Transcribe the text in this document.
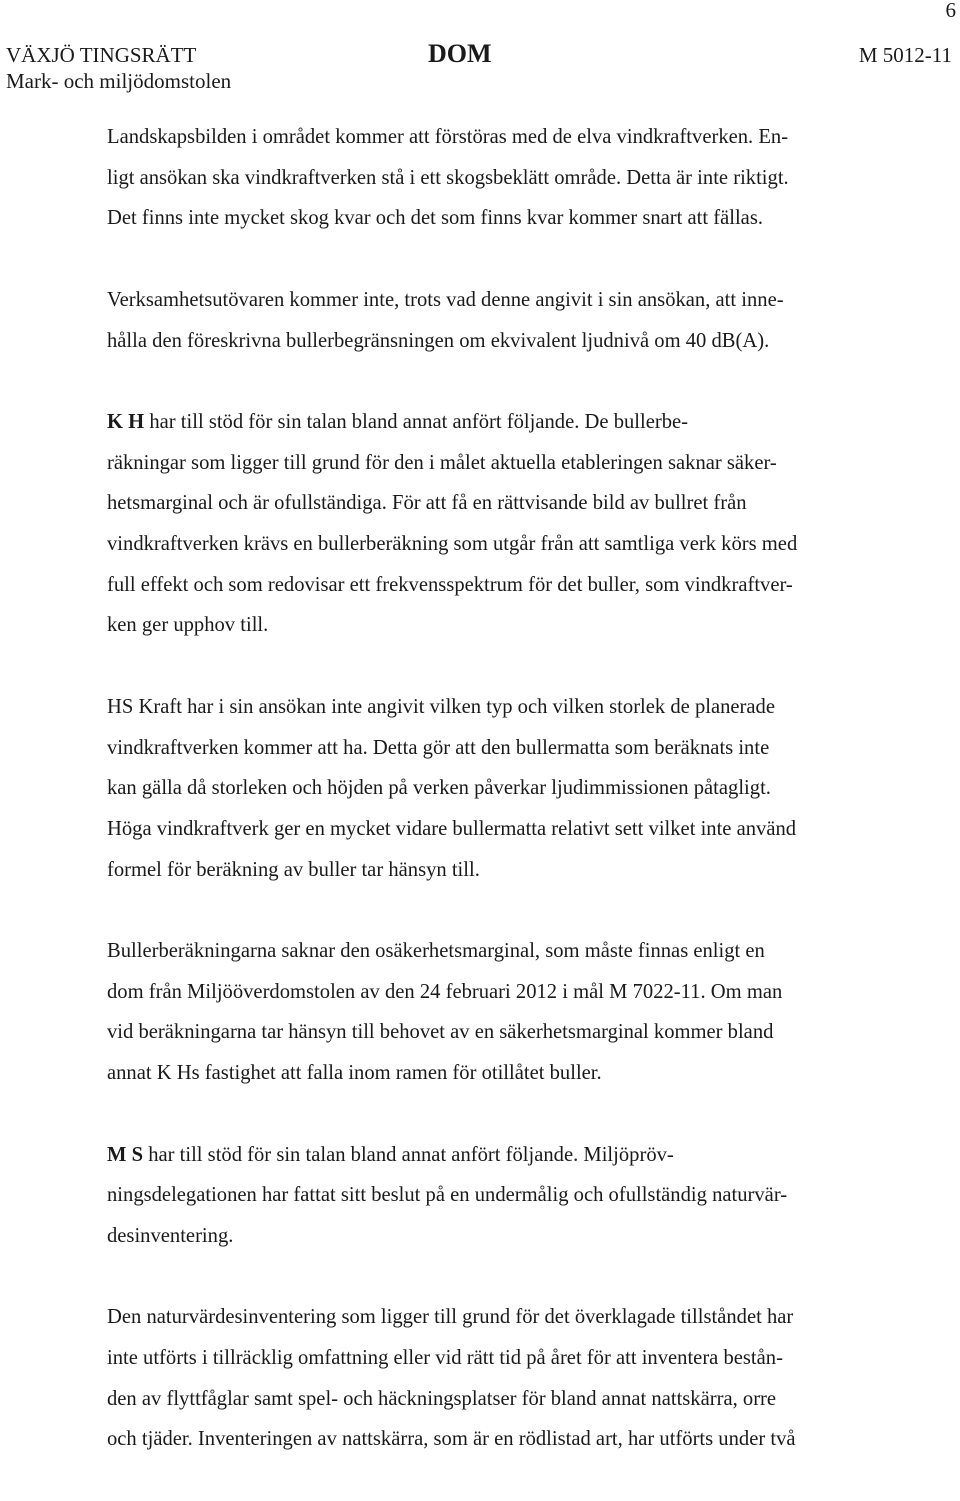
6
VÄXJÖ TINGSRÄTT
Mark- och miljödomstolen
DOM	M 5012-11

Landskapsbilden i området kommer att förstöras med de elva vindkraftverken. En-
ligt ansökan ska vindkraftverken stå i ett skogsbeklätt område. Detta är inte riktigt.
Det finns inte mycket skog kvar och det som finns kvar kommer snart att fällas.

Verksamhetsutövaren kommer inte, trots vad denne angivit i sin ansökan, att inne-
hålla den föreskrivna bullerbegränsningen om ekvivalent ljudnivå om 40 dB(A).

K H har till stöd för sin talan bland annat anfört följande. De bullerbe-
räkningar som ligger till grund för den i målet aktuella etableringen saknar säker-
hetsmarginal och är ofullständiga. För att få en rättvisande bild av bullret från
vindkraftverken krävs en bullerberäkning som utgår från att samtliga verk körs med
full effekt och som redovisar ett frekvensspektrum för det buller, som vindkraftver-
ken ger upphov till.

HS Kraft har i sin ansökan inte angivit vilken typ och vilken storlek de planerade
vindkraftverken kommer att ha. Detta gör att den bullermatta som beräknats inte
kan gälla då storleken och höjden på verken påverkar ljudimmissionen påtagligt.
Höga vindkraftverk ger en mycket vidare bullermatta relativt sett vilket inte använd
formel för beräkning av buller tar hänsyn till.

Bullerberäkningarna saknar den osäkerhetsmarginal, som måste finnas enligt en
dom från Miljööverdomstolen av den 24 februari 2012 i mål M 7022-11. Om man
vid beräkningarna tar hänsyn till behovet av en säkerhetsmarginal kommer bland
annat K Hs fastighet att falla inom ramen för otillåtet buller.

M S har till stöd för sin talan bland annat anfört följande. Miljöpröv-
ningsdelegationen har fattat sitt beslut på en undermålig och ofullständig naturvär-
desinventering.

Den naturvärdesinventering som ligger till grund för det överklagade tillståndet har
inte utförts i tillräcklig omfattning eller vid rätt tid på året för att inventera bestån-
den av flyttfåglar samt spel- och häckningsplatser för bland annat nattskärra, orre
och tjäder. Inventeringen av nattskärra, som är en rödlistad art, har utförts under två
